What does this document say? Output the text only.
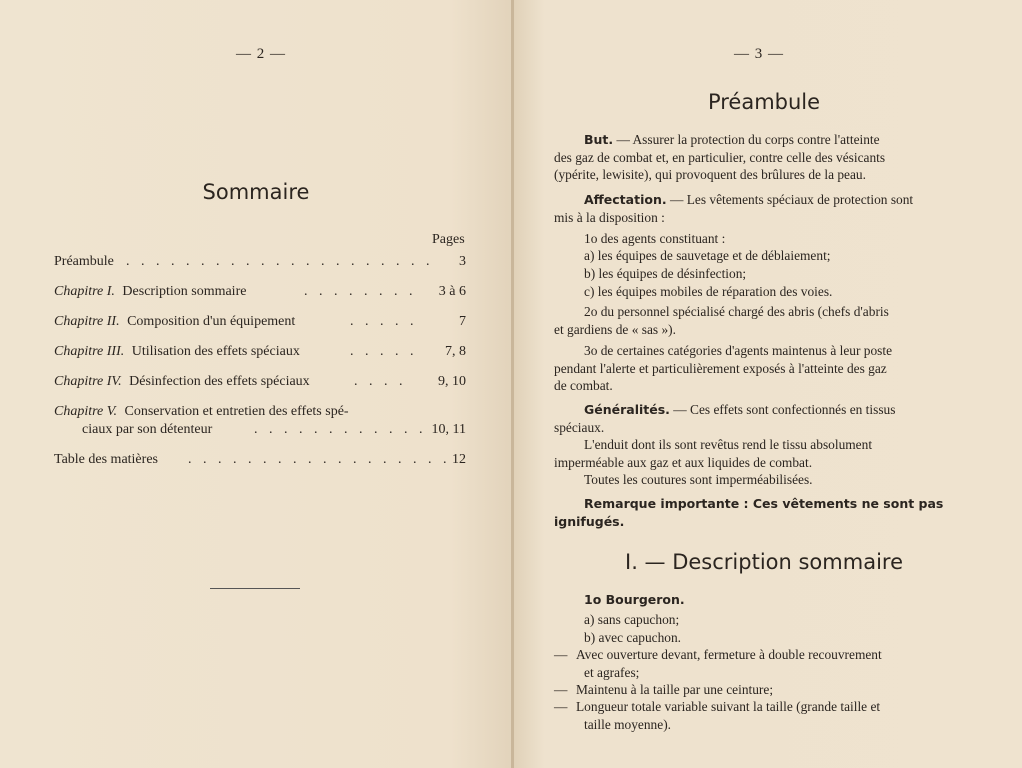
— 2 —
Sommaire
Pages
Préambule . . . . . . . . . . . . . . . . . . . . . 3
Chapitre I. Description sommaire	. . . . . . . . 3 à 6
Chapitre II. Composition d'un équipement	. . . . .	7
Chapitre III. Utilisation des effets spéciaux	. . . . . 7, 8
Chapitre IV. Désinfection des effets spéciaux	. . . . 9, 10
Chapitre V. Conservation et entretien des effets spé-
ciaux par son détenteur	. . . . . . . . . . . . 10, 11
Table des matières . . . . . . . . . . . . . . . . . . 12
— 3 —
Préambule
But. — Assurer la protection du corps contre l'atteinte
des gaz de combat et, en particulier, contre celle des vésicants
(ypérite, lewisite), qui provoquent des brûlures de la peau.
Affectation. — Les vêtements spéciaux de protection sont
mis à la disposition :
1o des agents constituant :
a) les équipes de sauvetage et de déblaiement;
b) les équipes de désinfection;
c) les équipes mobiles de réparation des voies.
2o du personnel spécialisé chargé des abris (chefs d'abris
et gardiens de « sas »).
3o de certaines catégories d'agents maintenus à leur poste
pendant l'alerte et particulièrement exposés à l'atteinte des gaz
de combat.
Généralités. — Ces effets sont confectionnés en tissus
spéciaux.
L'enduit dont ils sont revêtus rend le tissu absolument
imperméable aux gaz et aux liquides de combat.
Toutes les coutures sont imperméabilisées.
Remarque importante : Ces vêtements ne sont pas
ignifugés.
I. — Description sommaire
1o Bourgeron.
a) sans capuchon;
b) avec capuchon.
— Avec ouverture devant, fermeture à double recouvrement
et agrafes;
— Maintenu à la taille par une ceinture;
— Longueur totale variable suivant la taille (grande taille et
taille moyenne).
